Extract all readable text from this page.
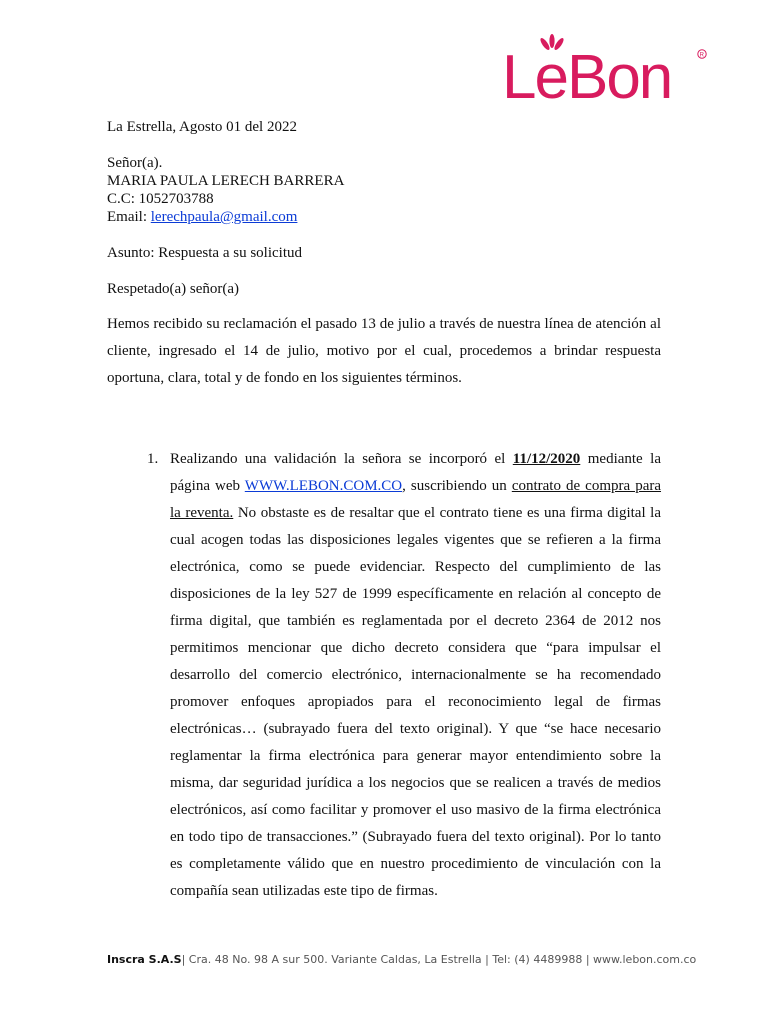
LeBon	R
La Estrella, Agosto 01 del 2022
Señor(a).
MARIA PAULA LERECH BARRERA
C.C: 1052703788
Email: lerechpaula@gmail.com
Asunto: Respuesta a su solicitud
Respetado(a) señor(a)
Hemos recibido su reclamación el pasado 13 de julio a través de nuestra línea de atención al cliente, ingresado el 14 de julio, motivo por el cual, procedemos a brindar respuesta oportuna, clara, total y de fondo en los siguientes términos.
1. Realizando una validación la señora se incorporó el 11/12/2020 mediante la página web WWW.LEBON.COM.CO, suscribiendo un contrato de compra para la reventa. No obstaste es de resaltar que el contrato tiene es una firma digital la cual acogen todas las disposiciones legales vigentes que se refieren a la firma electrónica, como se puede evidenciar. Respecto del cumplimiento de las disposiciones de la ley 527 de 1999 específicamente en relación al concepto de firma digital, que también es reglamentada por el decreto 2364 de 2012 nos permitimos mencionar que dicho decreto considera que “para impulsar el desarrollo del comercio electrónico, internacionalmente se ha recomendado promover enfoques apropiados para el reconocimiento legal de firmas electrónicas… (subrayado fuera del texto original). Y que “se hace necesario reglamentar la firma electrónica para generar mayor entendimiento sobre la misma, dar seguridad jurídica a los negocios que se realicen a través de medios electrónicos, así como facilitar y promover el uso masivo de la firma electrónica en todo tipo de transacciones.” (Subrayado fuera del texto original). Por lo tanto es completamente válido que en nuestro procedimiento de vinculación con la compañía sean utilizadas este tipo de firmas.
Inscra S.A.S| Cra. 48 No. 98 A sur 500. Variante Caldas, La Estrella | Tel: (4) 4489988 | www.lebon.com.co
